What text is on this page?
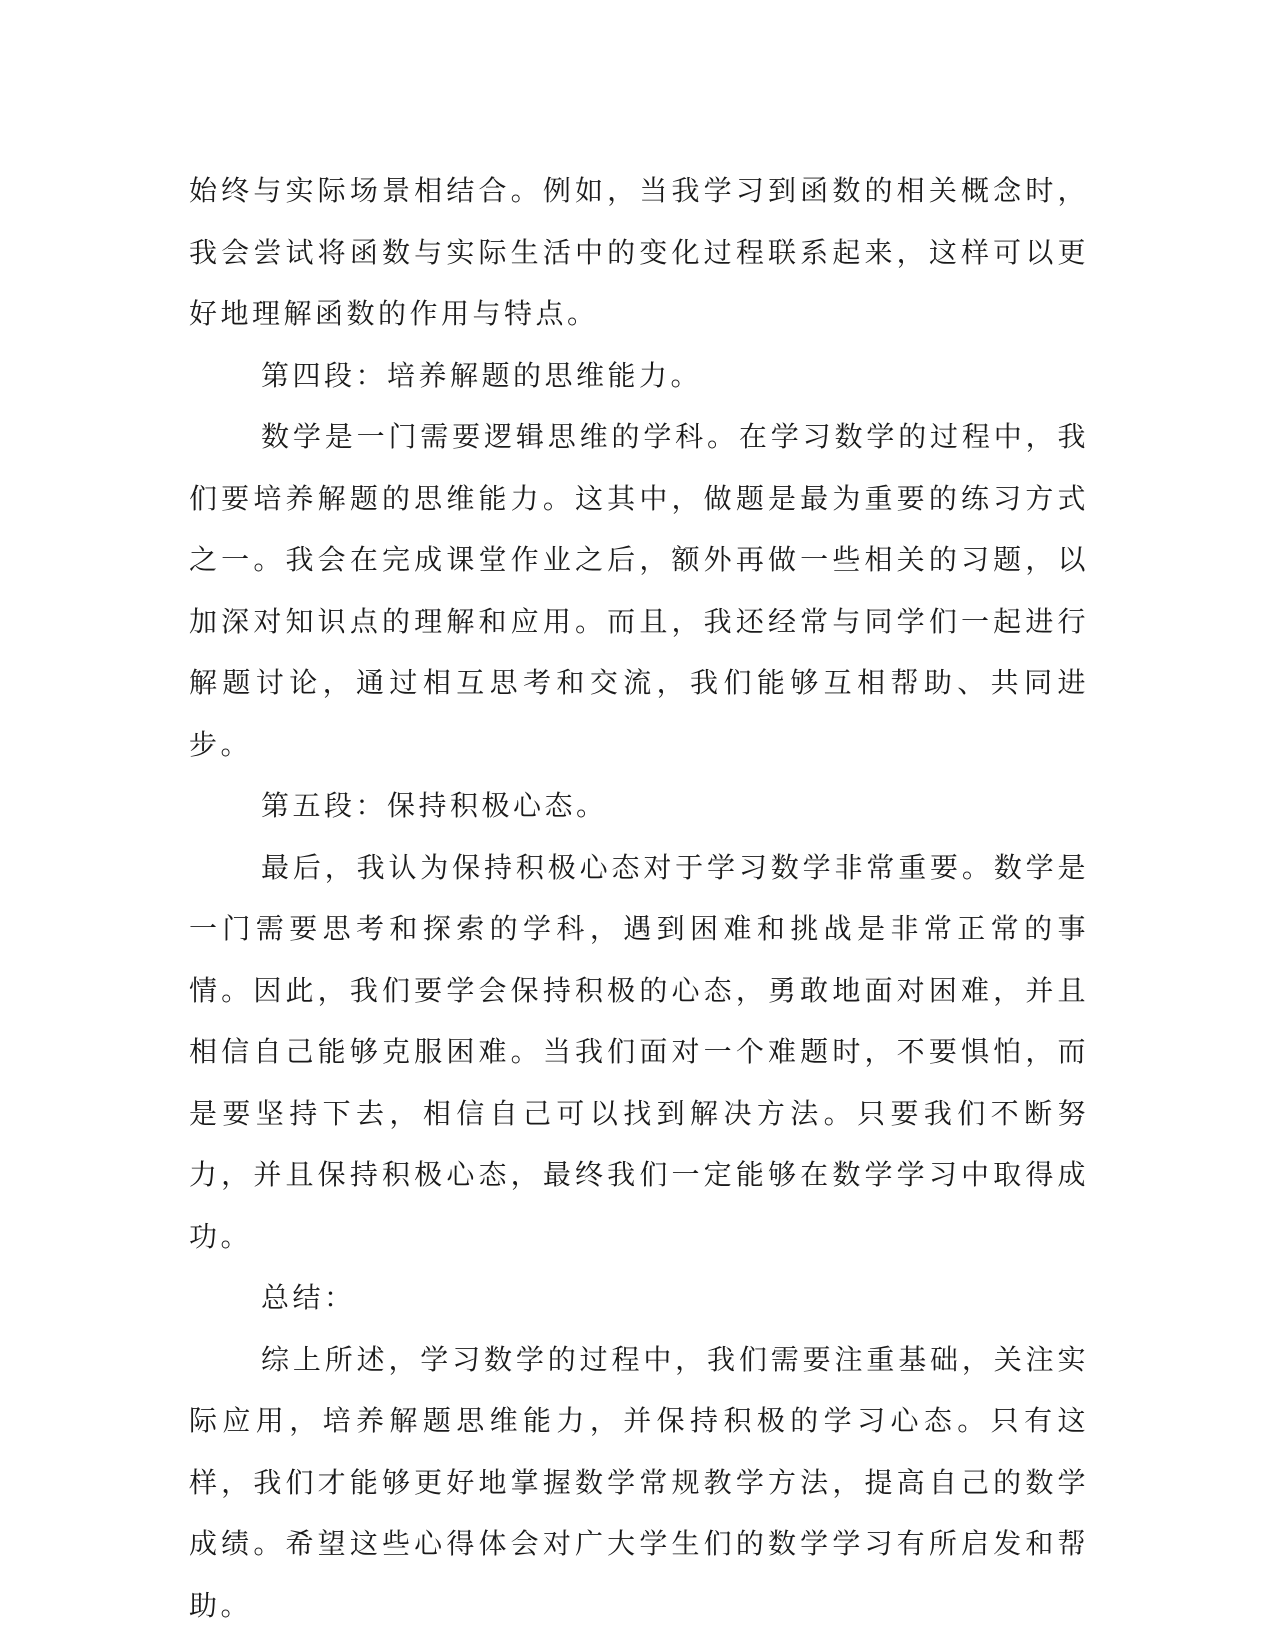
始终与实际场景相结合。例如，当我学习到函数的相关概念时，我会尝试将函数与实际生活中的变化过程联系起来，这样可以更好地理解函数的作用与特点。

第四段：培养解题的思维能力。

数学是一门需要逻辑思维的学科。在学习数学的过程中，我们要培养解题的思维能力。这其中，做题是最为重要的练习方式之一。我会在完成课堂作业之后，额外再做一些相关的习题，以加深对知识点的理解和应用。而且，我还经常与同学们一起进行解题讨论，通过相互思考和交流，我们能够互相帮助、共同进步。

第五段：保持积极心态。

最后，我认为保持积极心态对于学习数学非常重要。数学是一门需要思考和探索的学科，遇到困难和挑战是非常正常的事情。因此，我们要学会保持积极的心态，勇敢地面对困难，并且相信自己能够克服困难。当我们面对一个难题时，不要惧怕，而是要坚持下去，相信自己可以找到解决方法。只要我们不断努力，并且保持积极心态，最终我们一定能够在数学学习中取得成功。

总结：

综上所述，学习数学的过程中，我们需要注重基础，关注实际应用，培养解题思维能力，并保持积极的学习心态。只有这样，我们才能够更好地掌握数学常规教学方法，提高自己的数学成绩。希望这些心得体会对广大学生们的数学学习有所启发和帮助。
